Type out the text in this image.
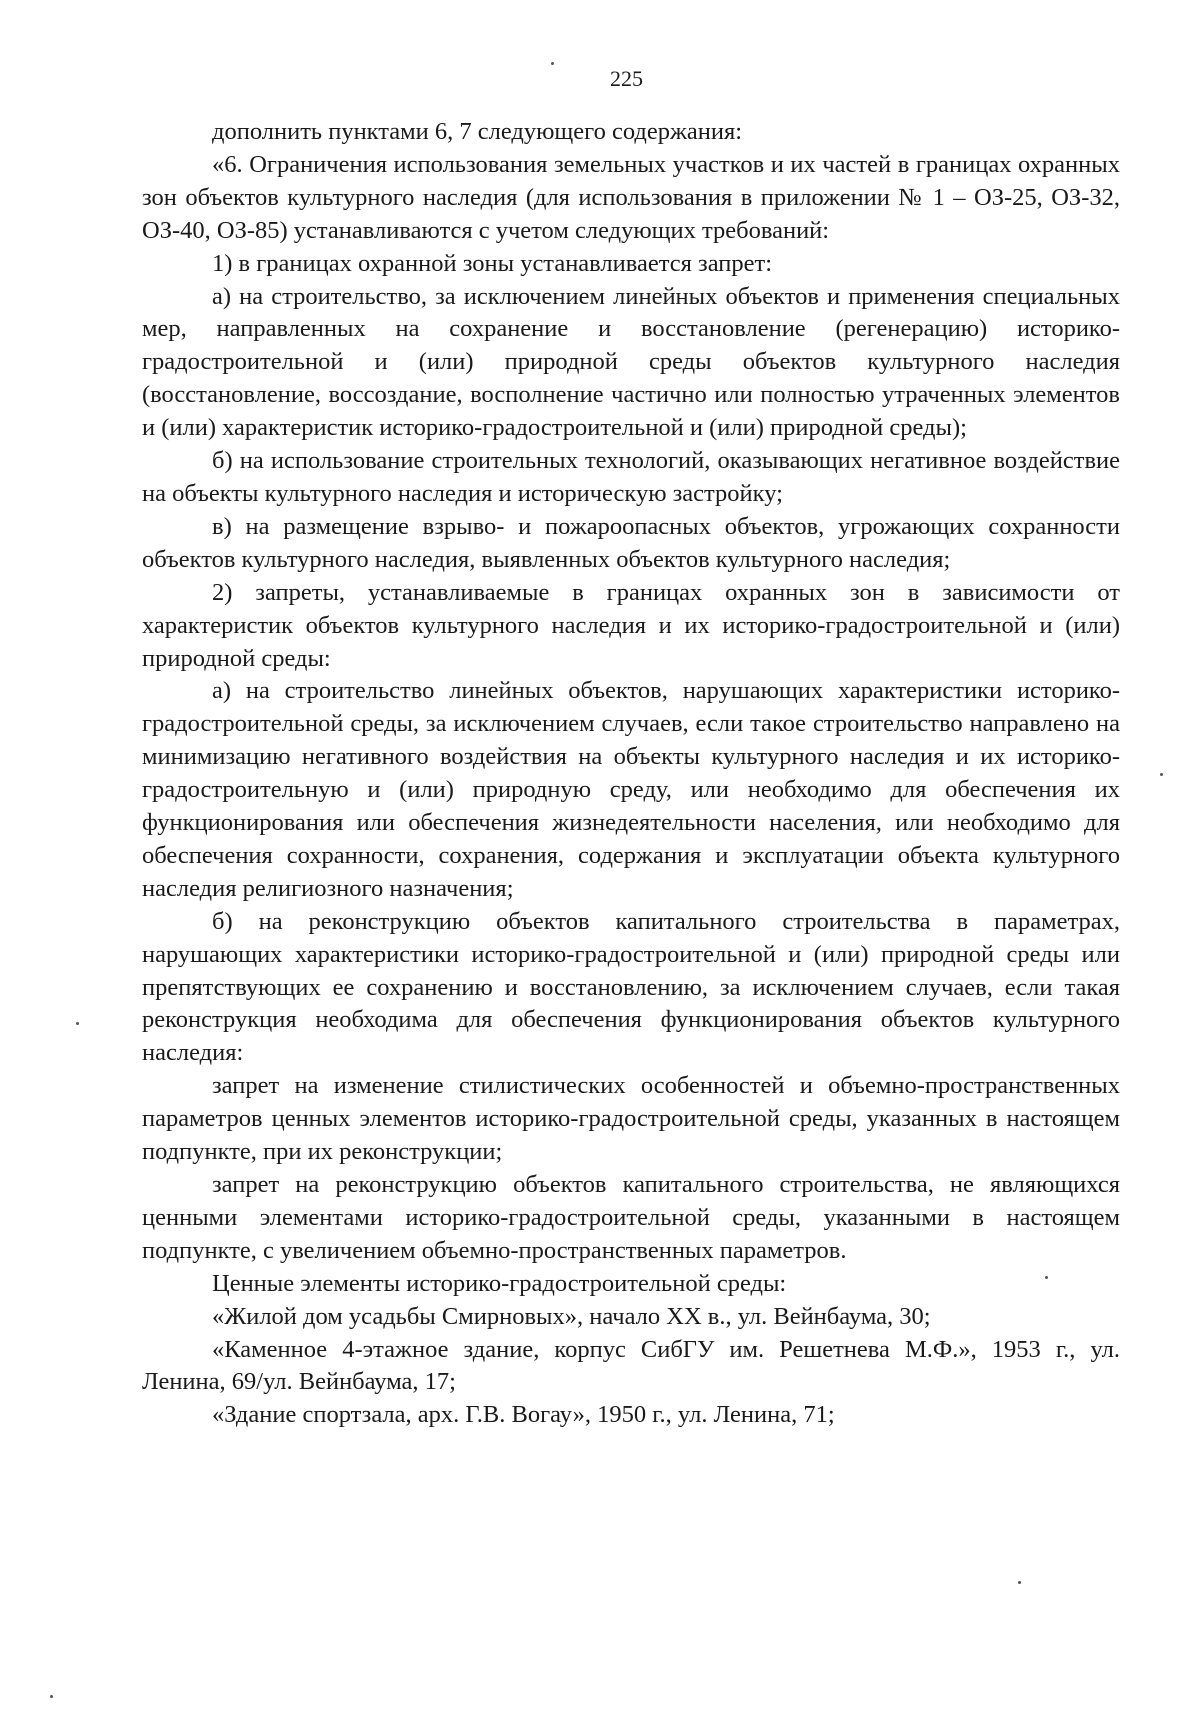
225

дополнить пунктами 6, 7 следующего содержания:

«6. Ограничения использования земельных участков и их частей в границах охранных зон объектов культурного наследия (для использования в приложении № 1 – ОЗ-25, ОЗ-32, ОЗ-40, ОЗ-85) устанавливаются с учетом следующих требований:

1) в границах охранной зоны устанавливается запрет:

а) на строительство, за исключением линейных объектов и применения специальных мер, направленных на сохранение и восстановление (регенерацию) историко-градостроительной и (или) природной среды объектов культурного наследия (восстановление, воссоздание, восполнение частично или полностью утраченных элементов и (или) характеристик историко-градостроительной и (или) природной среды);

б) на использование строительных технологий, оказывающих негативное воздействие на объекты культурного наследия и историческую застройку;

в) на размещение взрыво- и пожароопасных объектов, угрожающих сохранности объектов культурного наследия, выявленных объектов культурного наследия;

2) запреты, устанавливаемые в границах охранных зон в зависимости от характеристик объектов культурного наследия и их историко-градостроительной и (или) природной среды:

а) на строительство линейных объектов, нарушающих характеристики историко-градостроительной среды, за исключением случаев, если такое строительство направлено на минимизацию негативного воздействия на объекты культурного наследия и их историко-градостроительную и (или) природную среду, или необходимо для обеспечения их функционирования или обеспечения жизнедеятельности населения, или необходимо для обеспечения сохранности, сохранения, содержания и эксплуатации объекта культурного наследия религиозного назначения;

б) на реконструкцию объектов капитального строительства в параметрах, нарушающих характеристики историко-градостроительной и (или) природной среды или препятствующих ее сохранению и восстановлению, за исключением случаев, если такая реконструкция необходима для обеспечения функционирования объектов культурного наследия:

запрет на изменение стилистических особенностей и объемно-пространственных параметров ценных элементов историко-градостроительной среды, указанных в настоящем подпункте, при их реконструкции;

запрет на реконструкцию объектов капитального строительства, не являющихся ценными элементами историко-градостроительной среды, указанными в настоящем подпункте, с увеличением объемно-пространственных параметров.

Ценные элементы историко-градостроительной среды:

«Жилой дом усадьбы Смирновых», начало XX в., ул. Вейнбаума, 30;

«Каменное 4-этажное здание, корпус СибГУ им. Решетнева М.Ф.», 1953 г., ул. Ленина, 69/ул. Вейнбаума, 17;

«Здание спортзала, арх. Г.В. Вогау», 1950 г., ул. Ленина, 71;
